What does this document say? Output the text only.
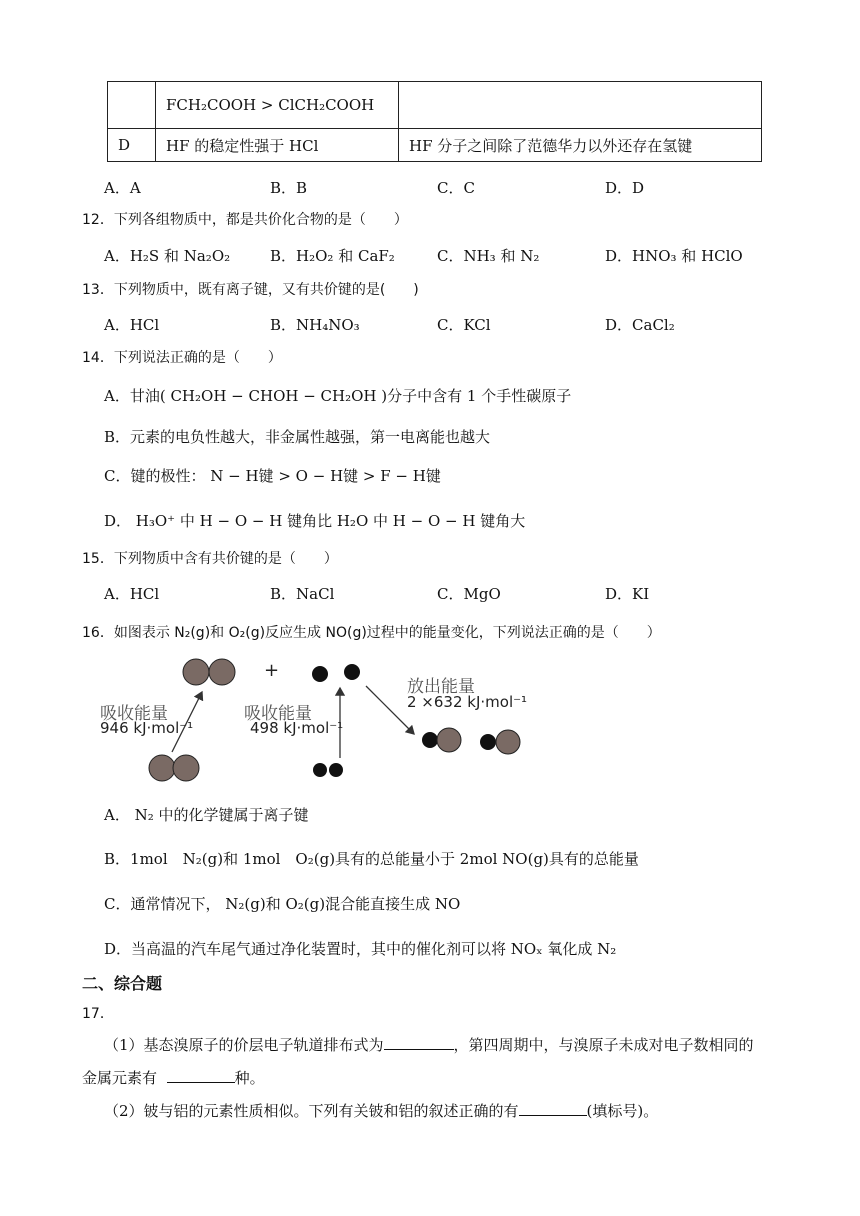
	FCH₂COOH > ClCH₂COOH	
D	HF 的稳定性强于 HCl	HF 分子之间除了范德华力以外还存在氢键
A．A	B．B	C．C	D．D
12．下列各组物质中，都是共价化合物的是（　　）
A．H₂S 和 Na₂O₂	B．H₂O₂ 和 CaF₂	C．NH₃ 和 N₂	D．HNO₃ 和 HClO
13．下列物质中，既有离子键，又有共价键的是(　　)
A．HCl	B．NH₄NO₃	C．KCl	D．CaCl₂
14．下列说法正确的是（　　）
A．甘油( CH₂OH − CHOH − CH₂OH )分子中含有 1 个手性碳原子
B．元素的电负性越大，非金属性越强，第一电离能也越大
C．键的极性： N − H键 > O − H键 > F − H键
D． H₃O⁺ 中 H − O − H 键角比 H₂O 中 H − O − H 键角大
15．下列物质中含有共价键的是（　　）
A．HCl	B．NaCl	C．MgO	D．KI
16．如图表示 N₂(g)和 O₂(g)反应生成 NO(g)过程中的能量变化，下列说法正确的是（　　）
+
吸收能量
946 kJ·mol⁻¹
吸收能量
498 kJ·mol⁻¹
放出能量
2 ×632 kJ·mol⁻¹
A． N₂ 中的化学键属于离子键
B．1mol　N₂(g)和 1mol　O₂(g)具有的总能量小于 2mol NO(g)具有的总能量
C．通常情况下， N₂(g)和 O₂(g)混合能直接生成 NO
D．当高温的汽车尾气通过净化装置时，其中的催化剂可以将 NOₓ 氧化成 N₂
二、综合题
17．
（1）基态溴原子的价层电子轨道排布式为	，第四周期中，与溴原子未成对电子数相同的
金属元素有	种。
（2）铍与铝的元素性质相似。下列有关铍和铝的叙述正确的有	(填标号)。
